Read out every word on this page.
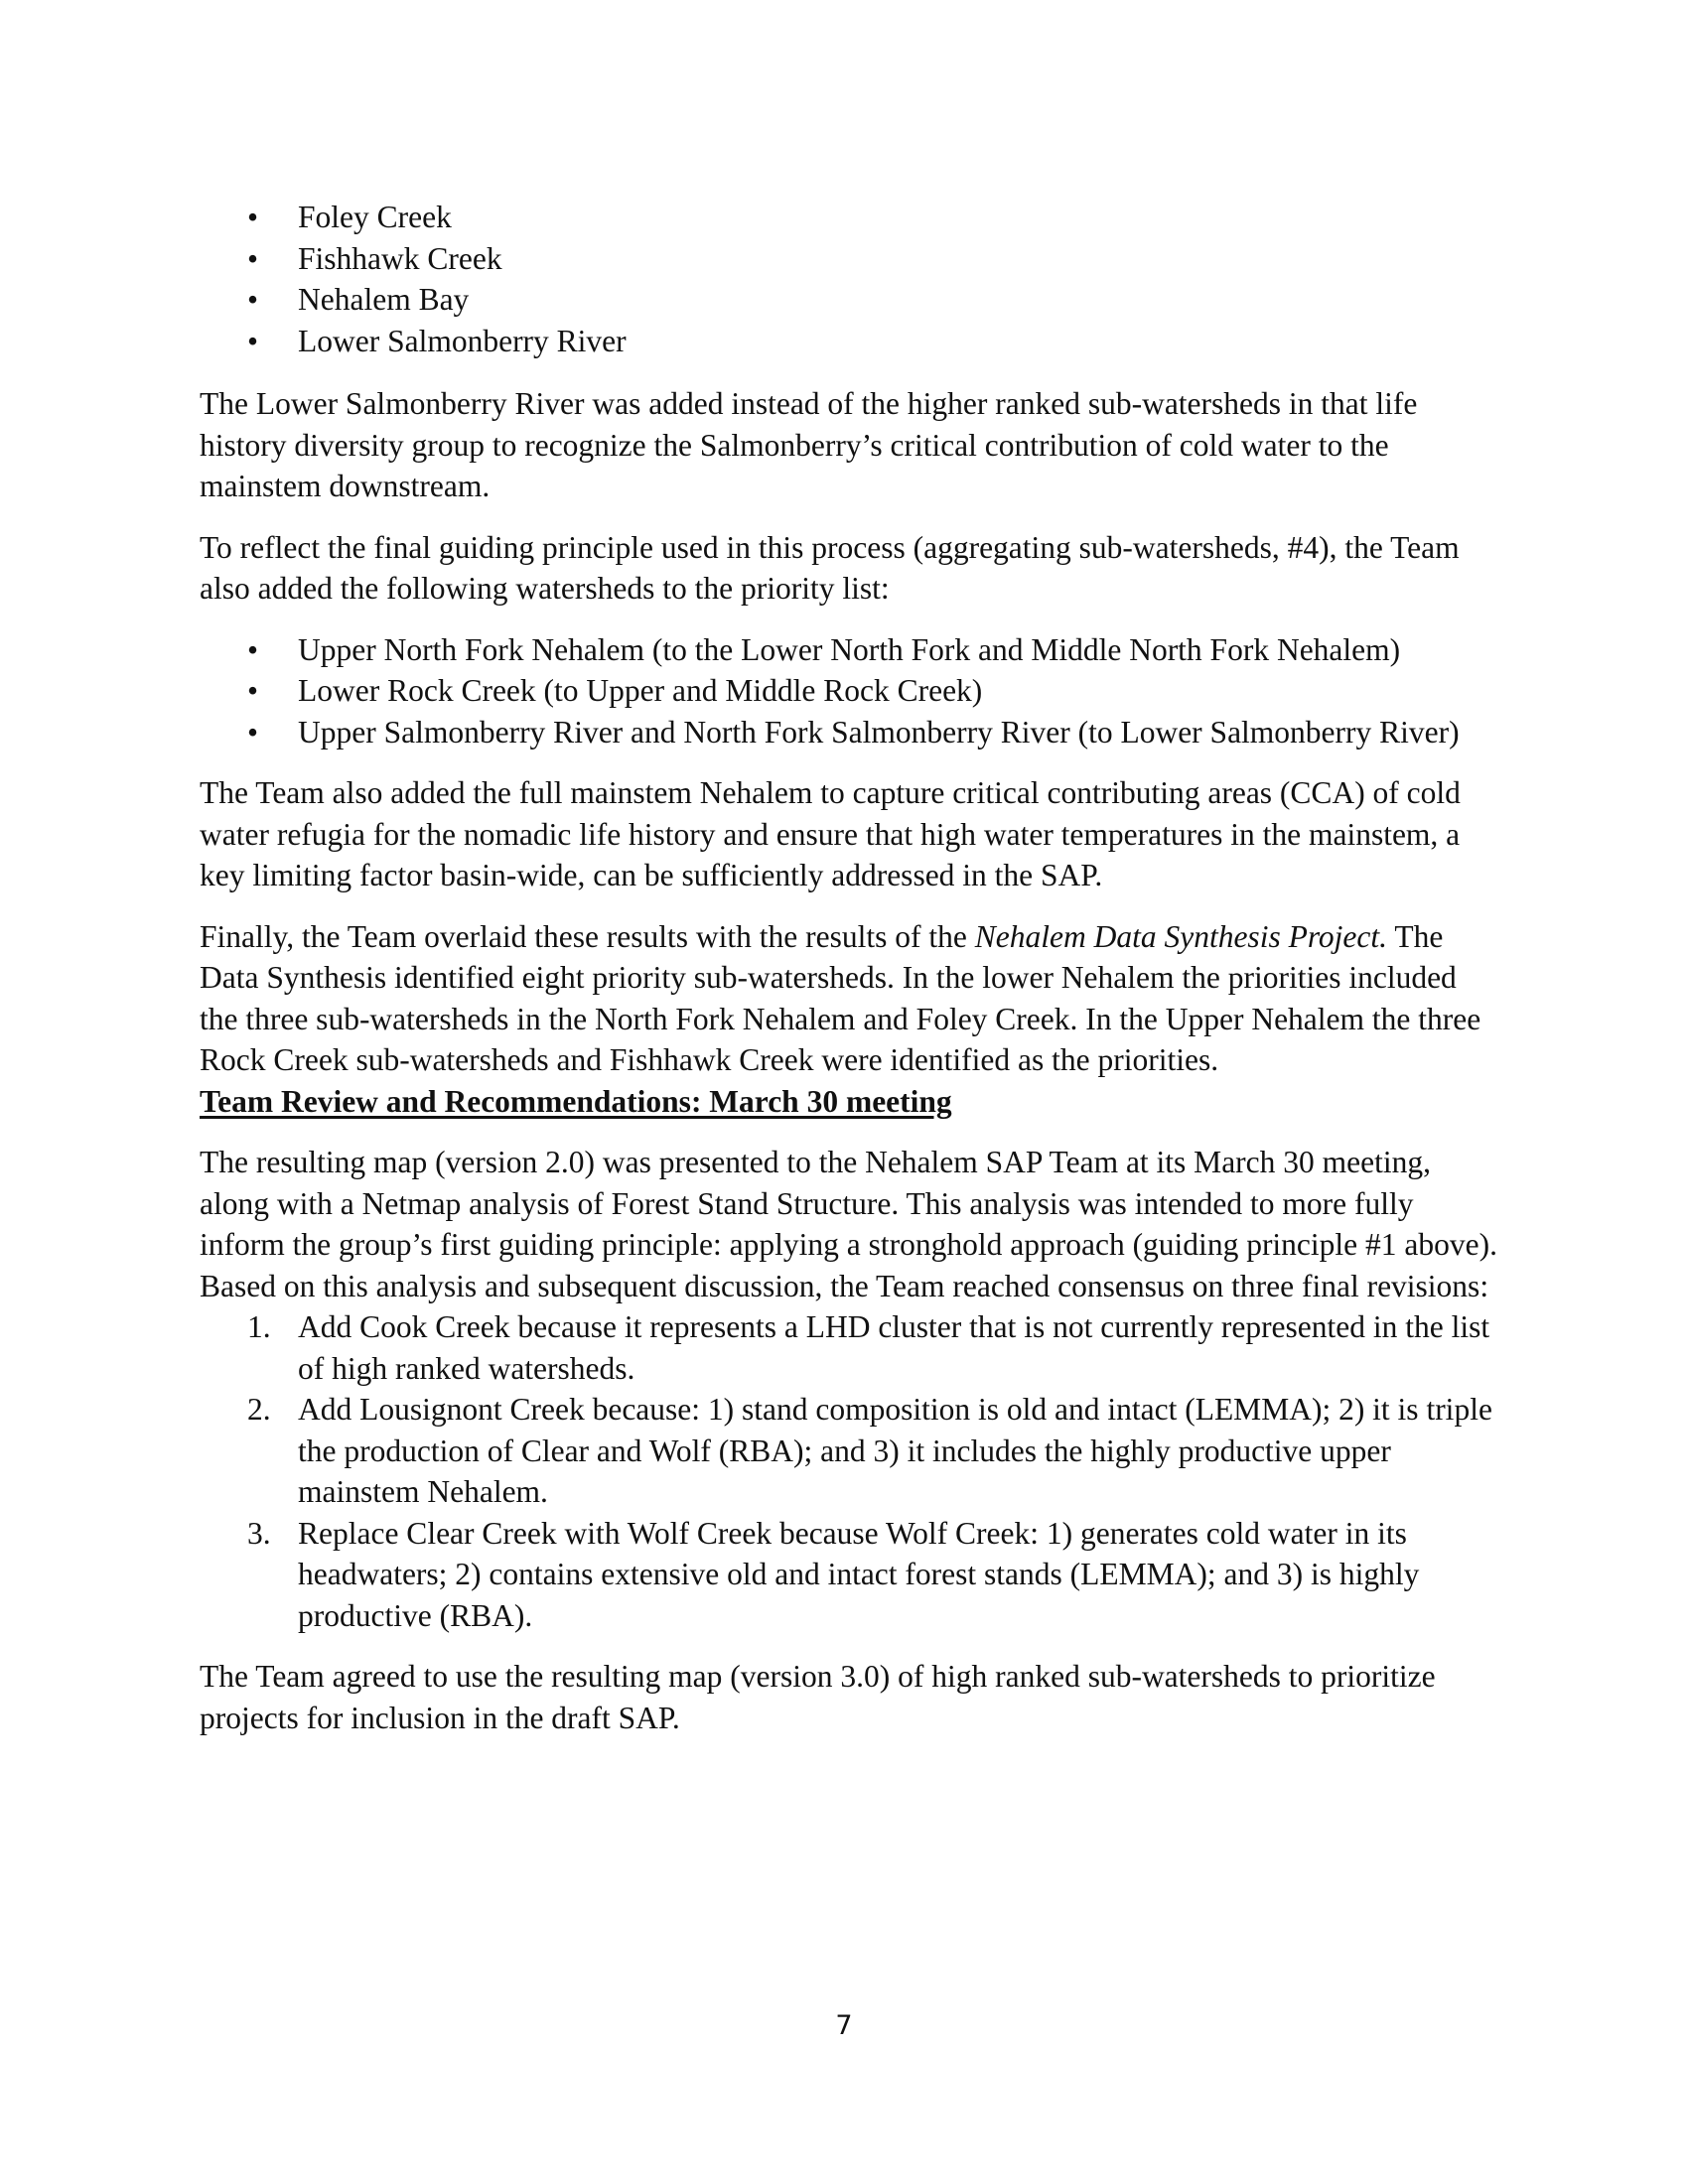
• Foley Creek
• Fishhawk Creek
• Nehalem Bay
• Lower Salmonberry River

The Lower Salmonberry River was added instead of the higher ranked sub-watersheds in that life history diversity group to recognize the Salmonberry’s critical contribution of cold water to the mainstem downstream.

To reflect the final guiding principle used in this process (aggregating sub-watersheds, #4), the Team also added the following watersheds to the priority list:

• Upper North Fork Nehalem (to the Lower North Fork and Middle North Fork Nehalem)
• Lower Rock Creek (to Upper and Middle Rock Creek)
• Upper Salmonberry River and North Fork Salmonberry River (to Lower Salmonberry River)

The Team also added the full mainstem Nehalem to capture critical contributing areas (CCA) of cold water refugia for the nomadic life history and ensure that high water temperatures in the mainstem, a key limiting factor basin-wide, can be sufficiently addressed in the SAP.

Finally, the Team overlaid these results with the results of the Nehalem Data Synthesis Project. The Data Synthesis identified eight priority sub-watersheds. In the lower Nehalem the priorities included the three sub-watersheds in the North Fork Nehalem and Foley Creek. In the Upper Nehalem the three Rock Creek sub-watersheds and Fishhawk Creek were identified as the priorities.

Team Review and Recommendations: March 30 meeting

The resulting map (version 2.0) was presented to the Nehalem SAP Team at its March 30 meeting, along with a Netmap analysis of Forest Stand Structure. This analysis was intended to more fully inform the group’s first guiding principle: applying a stronghold approach (guiding principle #1 above). Based on this analysis and subsequent discussion, the Team reached consensus on three final revisions:

1. Add Cook Creek because it represents a LHD cluster that is not currently represented in the list of high ranked watersheds.
2. Add Lousignont Creek because: 1) stand composition is old and intact (LEMMA); 2) it is triple the production of Clear and Wolf (RBA); and 3) it includes the highly productive upper mainstem Nehalem.
3. Replace Clear Creek with Wolf Creek because Wolf Creek: 1) generates cold water in its headwaters; 2) contains extensive old and intact forest stands (LEMMA); and 3) is highly productive (RBA).

The Team agreed to use the resulting map (version 3.0) of high ranked sub-watersheds to prioritize projects for inclusion in the draft SAP.

7
